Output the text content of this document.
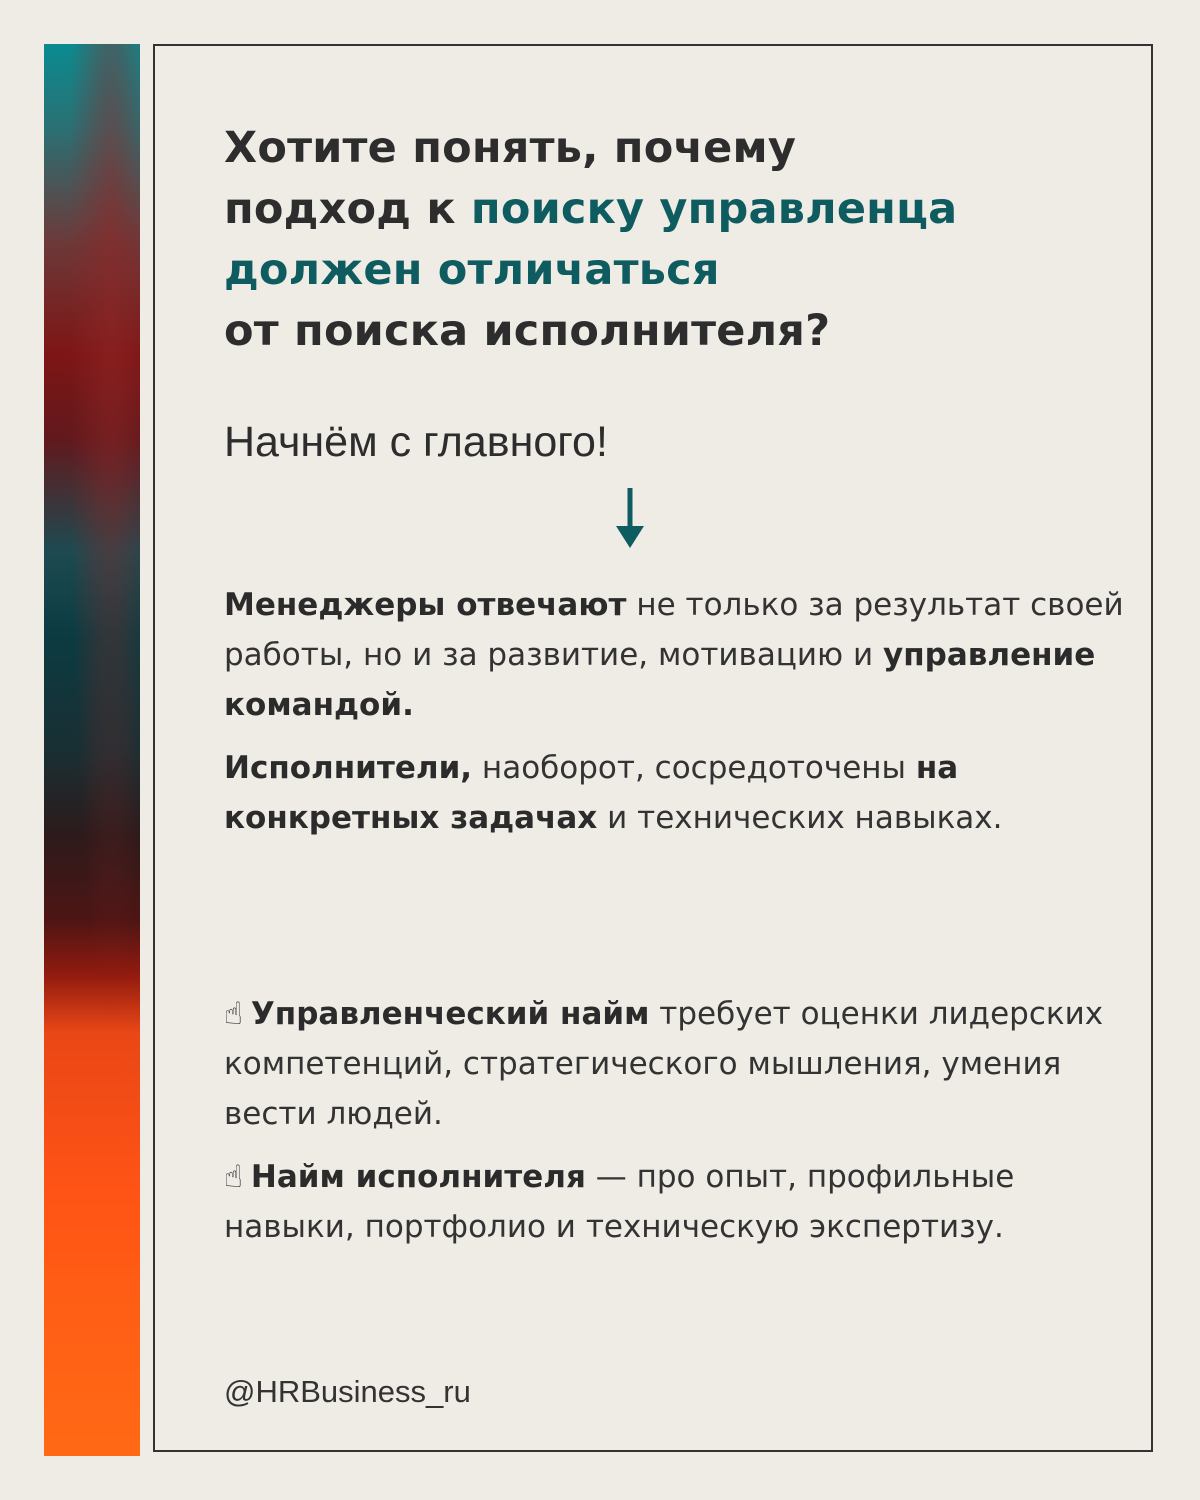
Хотите понять, почему
подход к поиску управленца
должен отличаться
от поиска исполнителя?
Начнём с главного!
Менеджеры отвечают не только за результат своей работы, но и за развитие, мотивацию и управление командой.
Исполнители, наоборот, сосредоточены на конкретных задачах и технических навыках.
☝ Управленческий найм требует оценки лидерских компетенций, стратегического мышления, умения вести людей.
☝ Найм исполнителя — про опыт, профильные навыки, портфолио и техническую экспертизу.
@HRBusiness_ru
